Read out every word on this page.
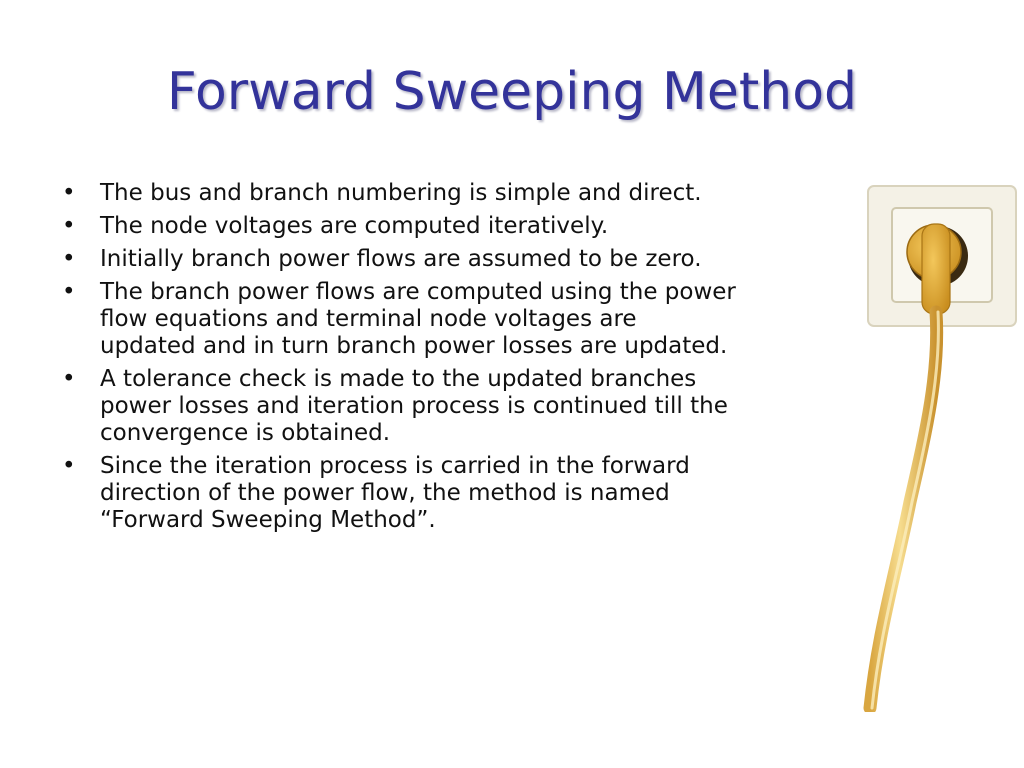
Forward Sweeping Method
• The bus and branch numbering is simple and direct.
• The node voltages are computed iteratively.
• Initially branch power flows are assumed to be zero.
• The branch power flows are computed using the power flow equations and terminal node voltages are updated and in turn branch power losses are updated.
• A tolerance check is made to the updated branches power losses and iteration process is continued till the convergence is obtained.
• Since the iteration process is carried in the forward direction of the power flow, the method is named “Forward Sweeping Method”.
